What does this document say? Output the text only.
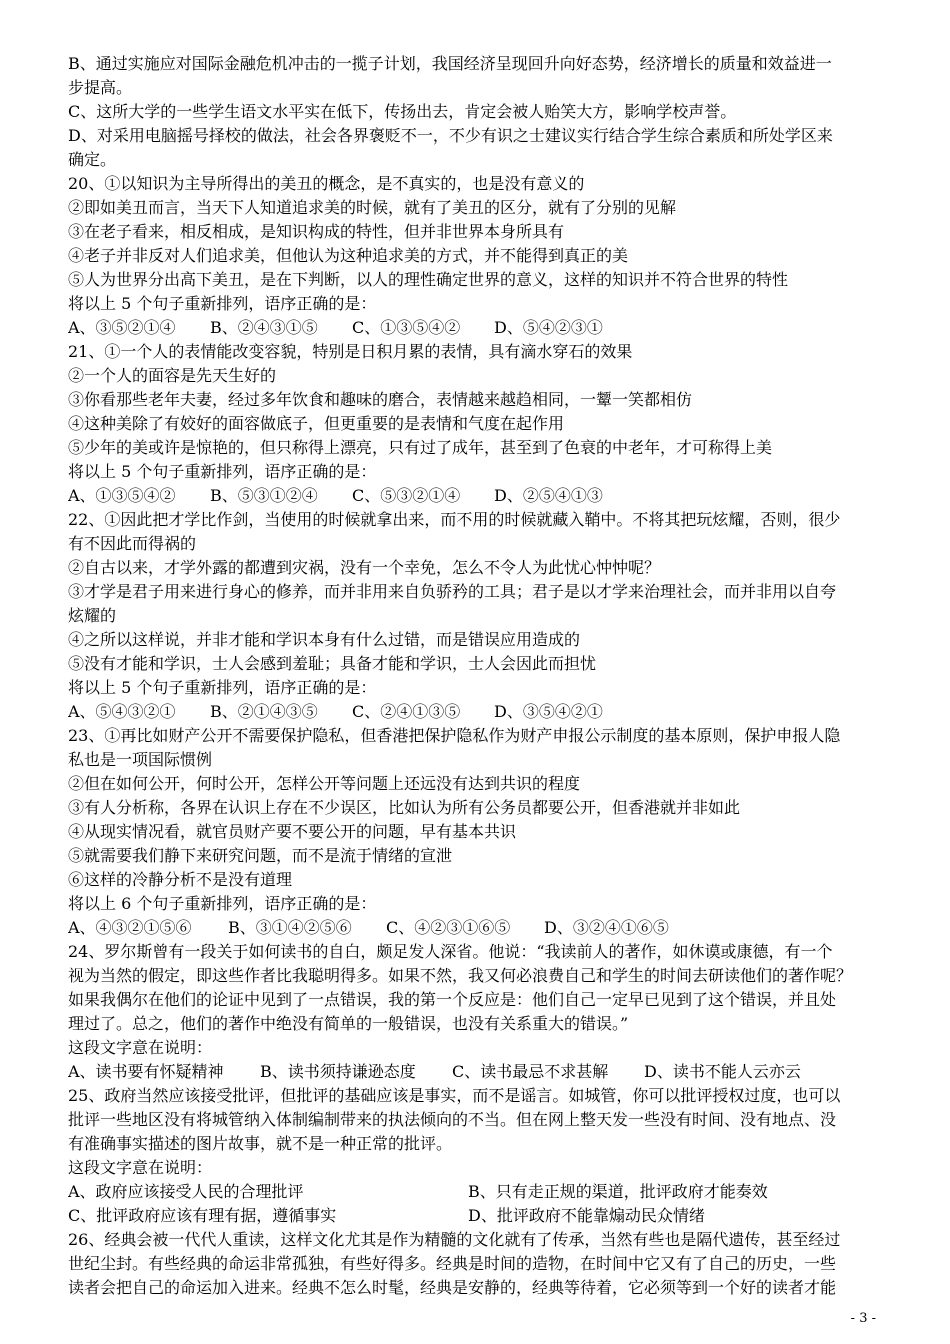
B、通过实施应对国际金融危机冲击的一揽子计划，我国经济呈现回升向好态势，经济增长的质量和效益进一
步提高。
C、这所大学的一些学生语文水平实在低下，传扬出去，肯定会被人贻笑大方，影响学校声誉。
D、对采用电脑摇号择校的做法，社会各界褒贬不一，不少有识之士建议实行结合学生综合素质和所处学区来
确定。
20、①以知识为主导所得出的美丑的概念，是不真实的，也是没有意义的
②即如美丑而言，当天下人知道追求美的时候，就有了美丑的区分，就有了分别的见解
③在老子看来，相反相成，是知识构成的特性，但并非世界本身所具有
④老子并非反对人们追求美，但他认为这种追求美的方式，并不能得到真正的美
⑤人为世界分出高下美丑，是在下判断，以人的理性确定世界的意义，这样的知识并不符合世界的特性
将以上 5 个句子重新排列，语序正确的是：
A、③⑤②①④	B、②④③①⑤	C、①③⑤④②	D、⑤④②③①
21、①一个人的表情能改变容貌，特别是日积月累的表情，具有滴水穿石的效果
②一个人的面容是先天生好的
③你看那些老年夫妻，经过多年饮食和趣味的磨合，表情越来越趋相同，一颦一笑都相仿
④这种美除了有姣好的面容做底子，但更重要的是表情和气度在起作用
⑤少年的美或许是惊艳的，但只称得上漂亮，只有过了成年，甚至到了色衰的中老年，才可称得上美
将以上 5 个句子重新排列，语序正确的是：
A、①③⑤④②	B、⑤③①②④	C、⑤③②①④	D、②⑤④①③
22、①因此把才学比作剑，当使用的时候就拿出来，而不用的时候就藏入鞘中。不将其把玩炫耀，否则，很少
有不因此而得祸的
②自古以来，才学外露的都遭到灾祸，没有一个幸免，怎么不令人为此忧心忡忡呢？
③才学是君子用来进行身心的修养，而并非用来自负骄矜的工具；君子是以才学来治理社会，而并非用以自夸
炫耀的
④之所以这样说，并非才能和学识本身有什么过错，而是错误应用造成的
⑤没有才能和学识，士人会感到羞耻；具备才能和学识，士人会因此而担忧
将以上 5 个句子重新排列，语序正确的是：
A、⑤④③②①	B、②①④③⑤	C、②④①③⑤	D、③⑤④②①
23、①再比如财产公开不需要保护隐私，但香港把保护隐私作为财产申报公示制度的基本原则，保护申报人隐
私也是一项国际惯例
②但在如何公开，何时公开，怎样公开等问题上还远没有达到共识的程度
③有人分析称，各界在认识上存在不少误区，比如认为所有公务员都要公开，但香港就并非如此
④从现实情况看，就官员财产要不要公开的问题，早有基本共识
⑤就需要我们静下来研究问题，而不是流于情绪的宣泄
⑥这样的冷静分析不是没有道理
将以上 6 个句子重新排列，语序正确的是：
A、④③②①⑤⑥	B、③①④②⑤⑥	C、④②③①⑥⑤	D、③②④①⑥⑤
24、罗尔斯曾有一段关于如何读书的自白，颇足发人深省。他说：“我读前人的著作，如休谟或康德，有一个
视为当然的假定，即这些作者比我聪明得多。如果不然，我又何必浪费自己和学生的时间去研读他们的著作呢？
如果我偶尔在他们的论证中见到了一点错误，我的第一个反应是：他们自己一定早已见到了这个错误，并且处
理过了。总之，他们的著作中绝没有简单的一般错误，也没有关系重大的错误。”
这段文字意在说明：
A、读书要有怀疑精神	B、读书须持谦逊态度	C、读书最忌不求甚解	D、读书不能人云亦云
25、政府当然应该接受批评，但批评的基础应该是事实，而不是谣言。如城管，你可以批评授权过度，也可以
批评一些地区没有将城管纳入体制编制带来的执法倾向的不当。但在网上整天发一些没有时间、没有地点、没
有准确事实描述的图片故事，就不是一种正常的批评。
这段文字意在说明：
A、政府应该接受人民的合理批评	B、只有走正规的渠道，批评政府才能奏效
C、批评政府应该有理有据，遵循事实	D、批评政府不能靠煽动民众情绪
26、经典会被一代代人重读，这样文化尤其是作为精髓的文化就有了传承，当然有些也是隔代遗传，甚至经过
世纪尘封。有些经典的命运非常孤独，有些好得多。经典是时间的造物，在时间中它又有了自己的历史，一些
读者会把自己的命运加入进来。经典不怎么时髦，经典是安静的，经典等待着，它必须等到一个好的读者才能
- 3 -
